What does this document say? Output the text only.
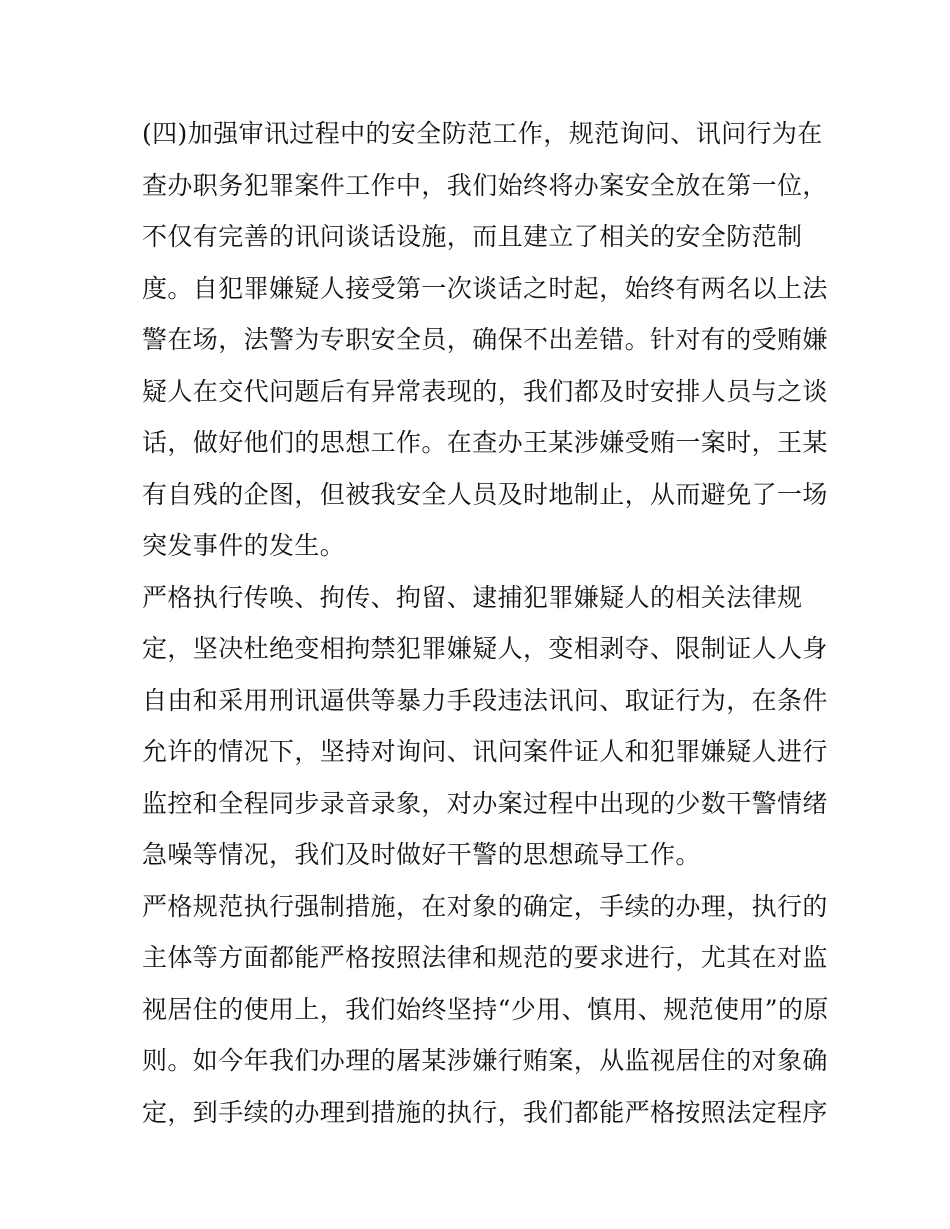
(四)加强审讯过程中的安全防范工作，规范询问、讯问行为在
查办职务犯罪案件工作中，我们始终将办案安全放在第一位，
不仅有完善的讯问谈话设施，而且建立了相关的安全防范制
度。自犯罪嫌疑人接受第一次谈话之时起，始终有两名以上法
警在场，法警为专职安全员，确保不出差错。针对有的受贿嫌
疑人在交代问题后有异常表现的，我们都及时安排人员与之谈
话，做好他们的思想工作。在查办王某涉嫌受贿一案时，王某
有自残的企图，但被我安全人员及时地制止，从而避免了一场
突发事件的发生。
严格执行传唤、拘传、拘留、逮捕犯罪嫌疑人的相关法律规
定，坚决杜绝变相拘禁犯罪嫌疑人，变相剥夺、限制证人人身
自由和采用刑讯逼供等暴力手段违法讯问、取证行为，在条件
允许的情况下，坚持对询问、讯问案件证人和犯罪嫌疑人进行
监控和全程同步录音录象，对办案过程中出现的少数干警情绪
急噪等情况，我们及时做好干警的思想疏导工作。
严格规范执行强制措施，在对象的确定，手续的办理，执行的
主体等方面都能严格按照法律和规范的要求进行，尤其在对监
视居住的使用上，我们始终坚持“少用、慎用、规范使用”的原
则。如今年我们办理的屠某涉嫌行贿案，从监视居住的对象确
定，到手续的办理到措施的执行，我们都能严格按照法定程序
